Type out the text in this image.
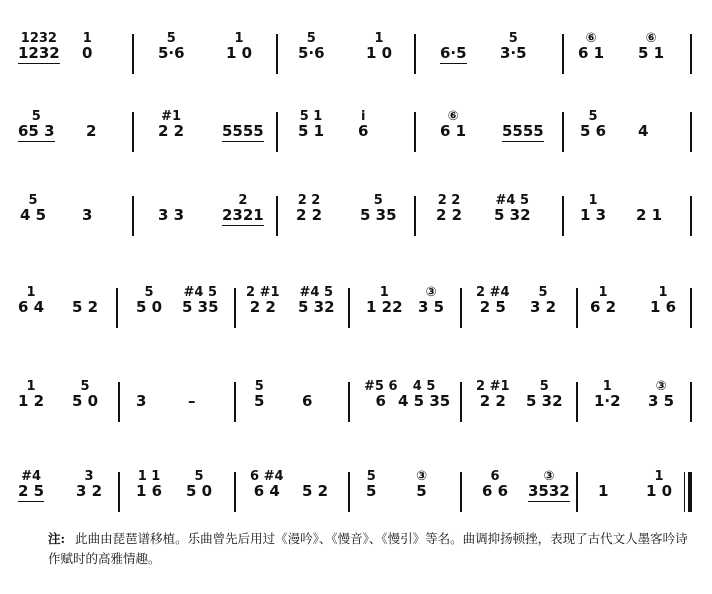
1232
1232
1
0
5
5·6
1
1 0
5
5·6
1
1 0	6·5
5
3·5
⑥
6 1
⑥
5 1
5
65 3 2
#1
2 2	5555
5 1
5 1
i
6
⑥
6 1 5555
5
5 6 4
5
4 5 3	3 3
2
2321
2 2
2 2
5
5 35
2 2
2 2
#4 5
5 32
1
1 3 2 1
1
6 4 5 2
5
5 0
#4 5
5 35
2 #1
2 2
#4 5
5 32
1
1 22
③
3 5
2 #4
2 5
5
3 2
1
6 2
1
1 6
1
1 2
5
5 0	3	–
5
5	6
#5 6
6
4 5
4 5 35
2 #1
2 2
5
5 32
1
1·2
③
3 5
#4
2 5
3
3 2
1 1
1 6
5
5 0
6 #4
6 4 5 2
5
5
③
5
6
6 6
③
3532 1
1
1 0
注: 此曲由琵琶谱移植。乐曲曾先后用过《漫吟》、《慢音》、《慢引》等名。曲调抑扬顿挫，表现了古代文人墨客吟诗作赋时的高雅情趣。
